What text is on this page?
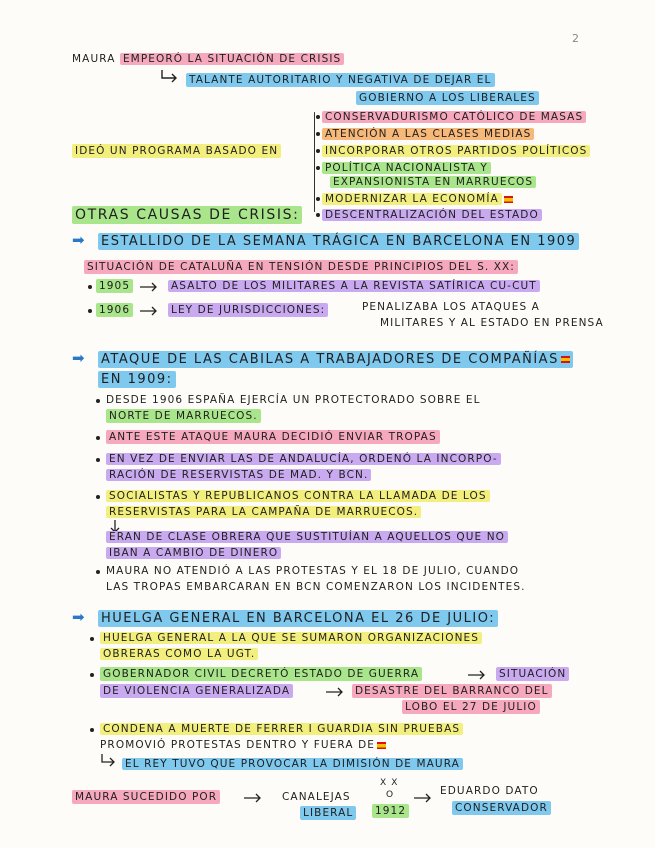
2
MAURA EMPEORÓ LA SITUACIÓN DE CRISIS
TALANTE AUTORITARIO Y NEGATIVA DE DEJAR EL
GOBIERNO A LOS LIBERALES
IDEÓ UN PROGRAMA BASADO EN
CONSERVADURISMO CATÓLICO DE MASAS
ATENCIÓN A LAS CLASES MEDIAS
INCORPORAR OTROS PARTIDOS POLÍTICOS
POLÍTICA NACIONALISTA Y
EXPANSIONISTA EN MARRUECOS
MODERNIZAR LA ECONOMÍA
DESCENTRALIZACIÓN DEL ESTADO
OTRAS CAUSAS DE CRISIS:
➡ ESTALLIDO DE LA SEMANA TRÁGICA EN BARCELONA EN 1909
SITUACIÓN DE CATALUÑA EN TENSIÓN DESDE PRINCIPIOS DEL S. XX:
1905	ASALTO DE LOS MILITARES A LA REVISTA SATÍRICA CU-CUT
1906	LEY DE JURISDICCIONES:	PENALIZABA LOS ATAQUES A
MILITARES Y AL ESTADO EN PRENSA
➡ ATAQUE DE LAS CABILAS A TRABAJADORES DE COMPAÑÍAS
EN 1909:
DESDE 1906 ESPAÑA EJERCÍA UN PROTECTORADO SOBRE EL
NORTE DE MARRUECOS.
ANTE ESTE ATAQUE MAURA DECIDIÓ ENVIAR TROPAS
EN VEZ DE ENVIAR LAS DE ANDALUCÍA, ORDENÓ LA INCORPO-
RACIÓN DE RESERVISTAS DE MAD. Y BCN.
SOCIALISTAS Y REPUBLICANOS CONTRA LA LLAMADA DE LOS
RESERVISTAS PARA LA CAMPAÑA DE MARRUECOS.
ERAN DE CLASE OBRERA QUE SUSTITUÍAN A AQUELLOS QUE NO
IBAN A CAMBIO DE DINERO
MAURA NO ATENDIÓ A LAS PROTESTAS Y EL 18 DE JULIO, CUANDO
LAS TROPAS EMBARCARAN EN BCN COMENZARON LOS INCIDENTES.
➡ HUELGA GENERAL EN BARCELONA EL 26 DE JULIO:
HUELGA GENERAL A LA QUE SE SUMARON ORGANIZACIONES
OBRERAS COMO LA UGT.
GOBERNADOR CIVIL DECRETÓ ESTADO DE GUERRA	SITUACIÓN
DE VIOLENCIA GENERALIZADA	DESASTRE DEL BARRANCO DEL
LOBO EL 27 DE JULIO
CONDENA A MUERTE DE FERRER I GUARDIA SIN PRUEBAS
PROMOVIÓ PROTESTAS DENTRO Y FUERA DE
EL REY TUVO QUE PROVOCAR LA DIMISIÓN DE MAURA
MAURA SUCEDIDO POR	CANALEJAS
LIBERAL
X X
O
1912
EDUARDO DATO
CONSERVADOR
